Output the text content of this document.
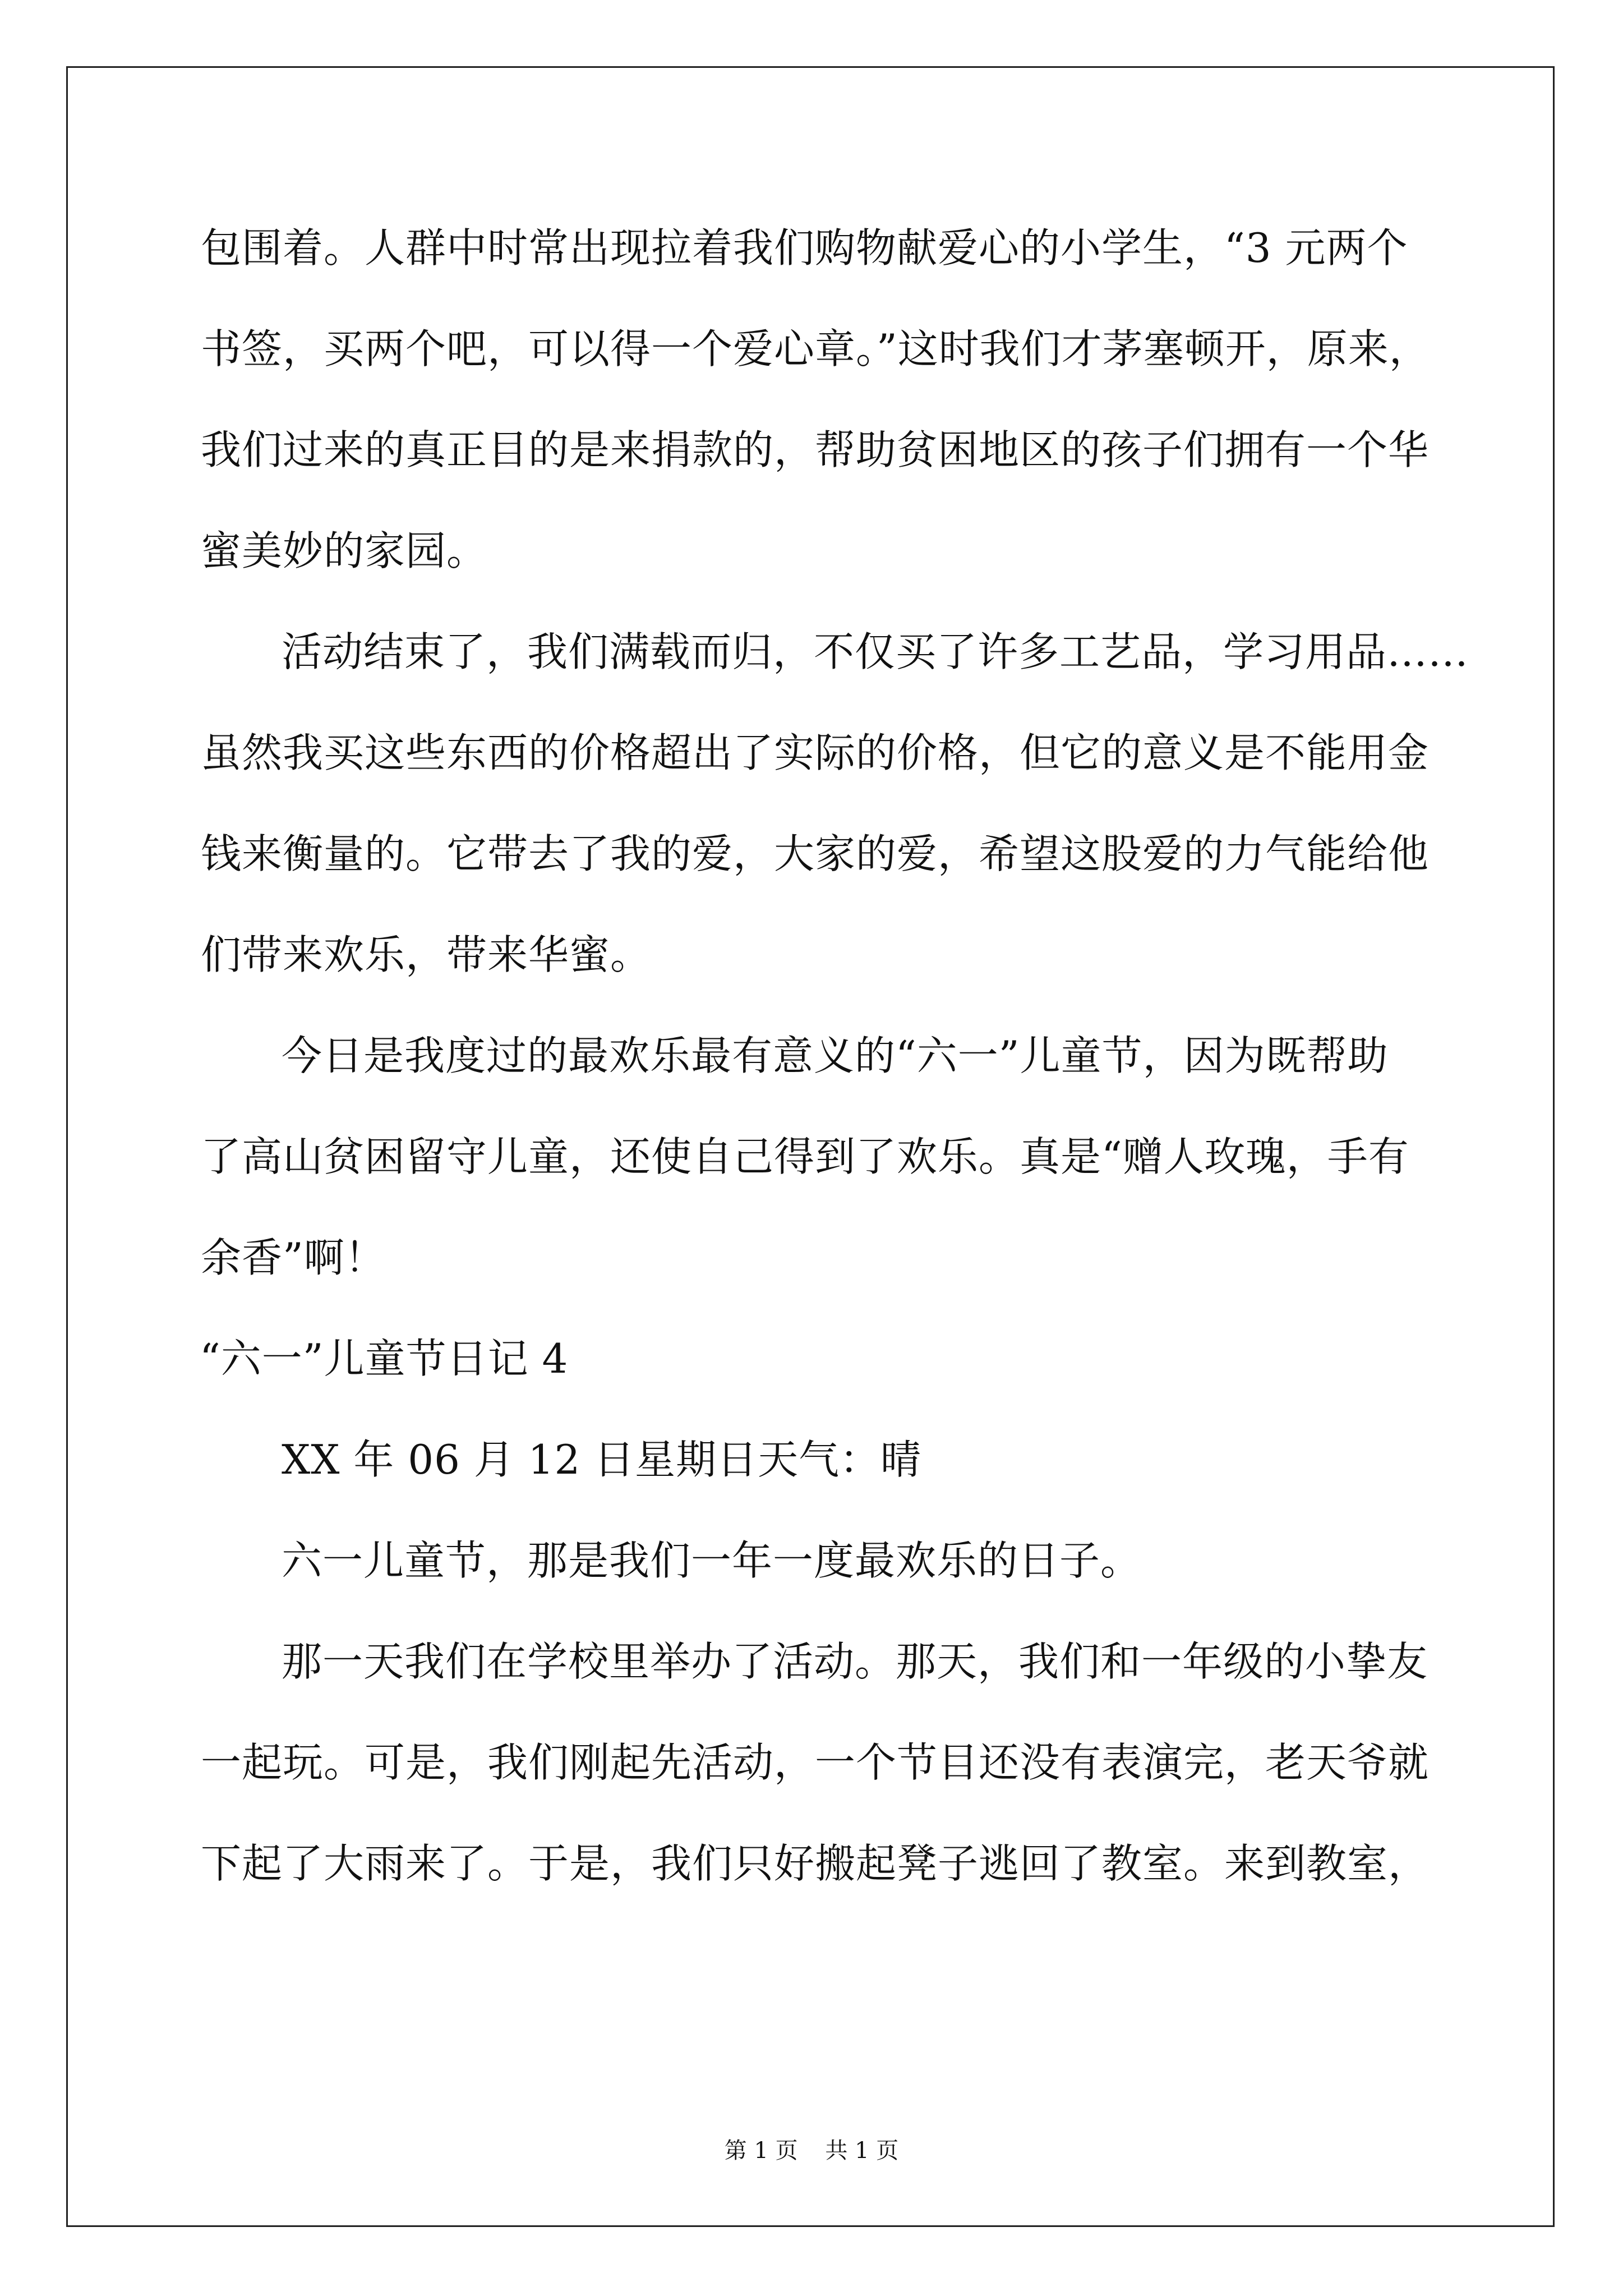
包围着。人群中时常出现拉着我们购物献爱心的小学生，“3 元两个
书签，买两个吧，可以得一个爱心章。”这时我们才茅塞顿开，原来，
我们过来的真正目的是来捐款的，帮助贫困地区的孩子们拥有一个华
蜜美妙的家园。
活动结束了，我们满载而归，不仅买了许多工艺品，学习用品……
虽然我买这些东西的价格超出了实际的价格，但它的意义是不能用金
钱来衡量的。它带去了我的爱，大家的爱，希望这股爱的力气能给他
们带来欢乐，带来华蜜。
今日是我度过的最欢乐最有意义的“六一”儿童节，因为既帮助
了高山贫困留守儿童，还使自己得到了欢乐。真是“赠人玫瑰，手有
余香”啊！
“六一”儿童节日记 4
XX 年 06 月 12 日星期日天气：晴
六一儿童节，那是我们一年一度最欢乐的日子。
那一天我们在学校里举办了活动。那天，我们和一年级的小挚友
一起玩。可是，我们刚起先活动，一个节目还没有表演完，老天爷就
下起了大雨来了。于是，我们只好搬起凳子逃回了教室。来到教室，
第 1 页 共 1 页
